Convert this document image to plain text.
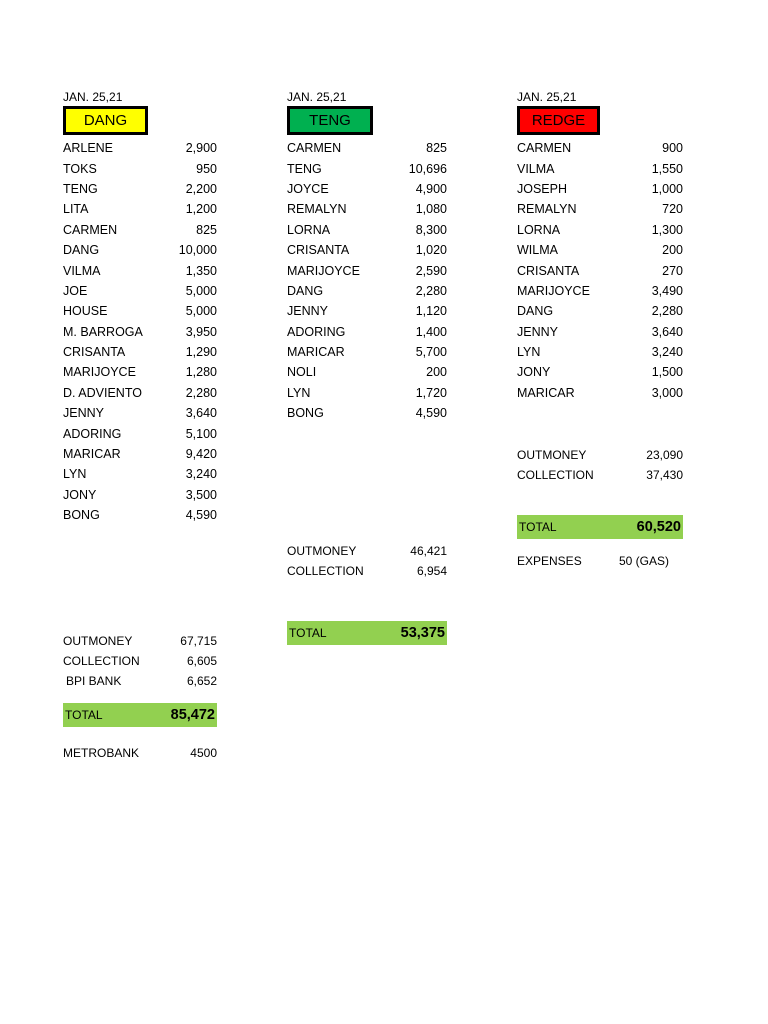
JAN. 25,21
DANG
ARLENE	2,900
TOKS	950
TENG	2,200
LITA	1,200
CARMEN	825
DANG	10,000
VILMA	1,350
JOE	5,000
HOUSE	5,000
M. BARROGA	3,950
CRISANTA	1,290
MARIJOYCE	1,280
D. ADVIENTO	2,280
JENNY	3,640
ADORING	5,100
MARICAR	9,420
LYN	3,240
JONY	3,500
BONG	4,590
OUTMONEY	67,715
COLLECTION	6,605
BPI BANK	6,652
TOTAL	85,472
METROBANK	4500
JAN. 25,21
TENG
CARMEN	825
TENG	10,696
JOYCE	4,900
REMALYN	1,080
LORNA	8,300
CRISANTA	1,020
MARIJOYCE	2,590
DANG	2,280
JENNY	1,120
ADORING	1,400
MARICAR	5,700
NOLI	200
LYN	1,720
BONG	4,590
OUTMONEY	46,421
COLLECTION	6,954
TOTAL	53,375
JAN. 25,21
REDGE
CARMEN	900
VILMA	1,550
JOSEPH	1,000
REMALYN	720
LORNA	1,300
WILMA	200
CRISANTA	270
MARIJOYCE	3,490
DANG	2,280
JENNY	3,640
LYN	3,240
JONY	1,500
MARICAR	3,000
OUTMONEY	23,090
COLLECTION	37,430
TOTAL	60,520
EXPENSES	50 (GAS)
